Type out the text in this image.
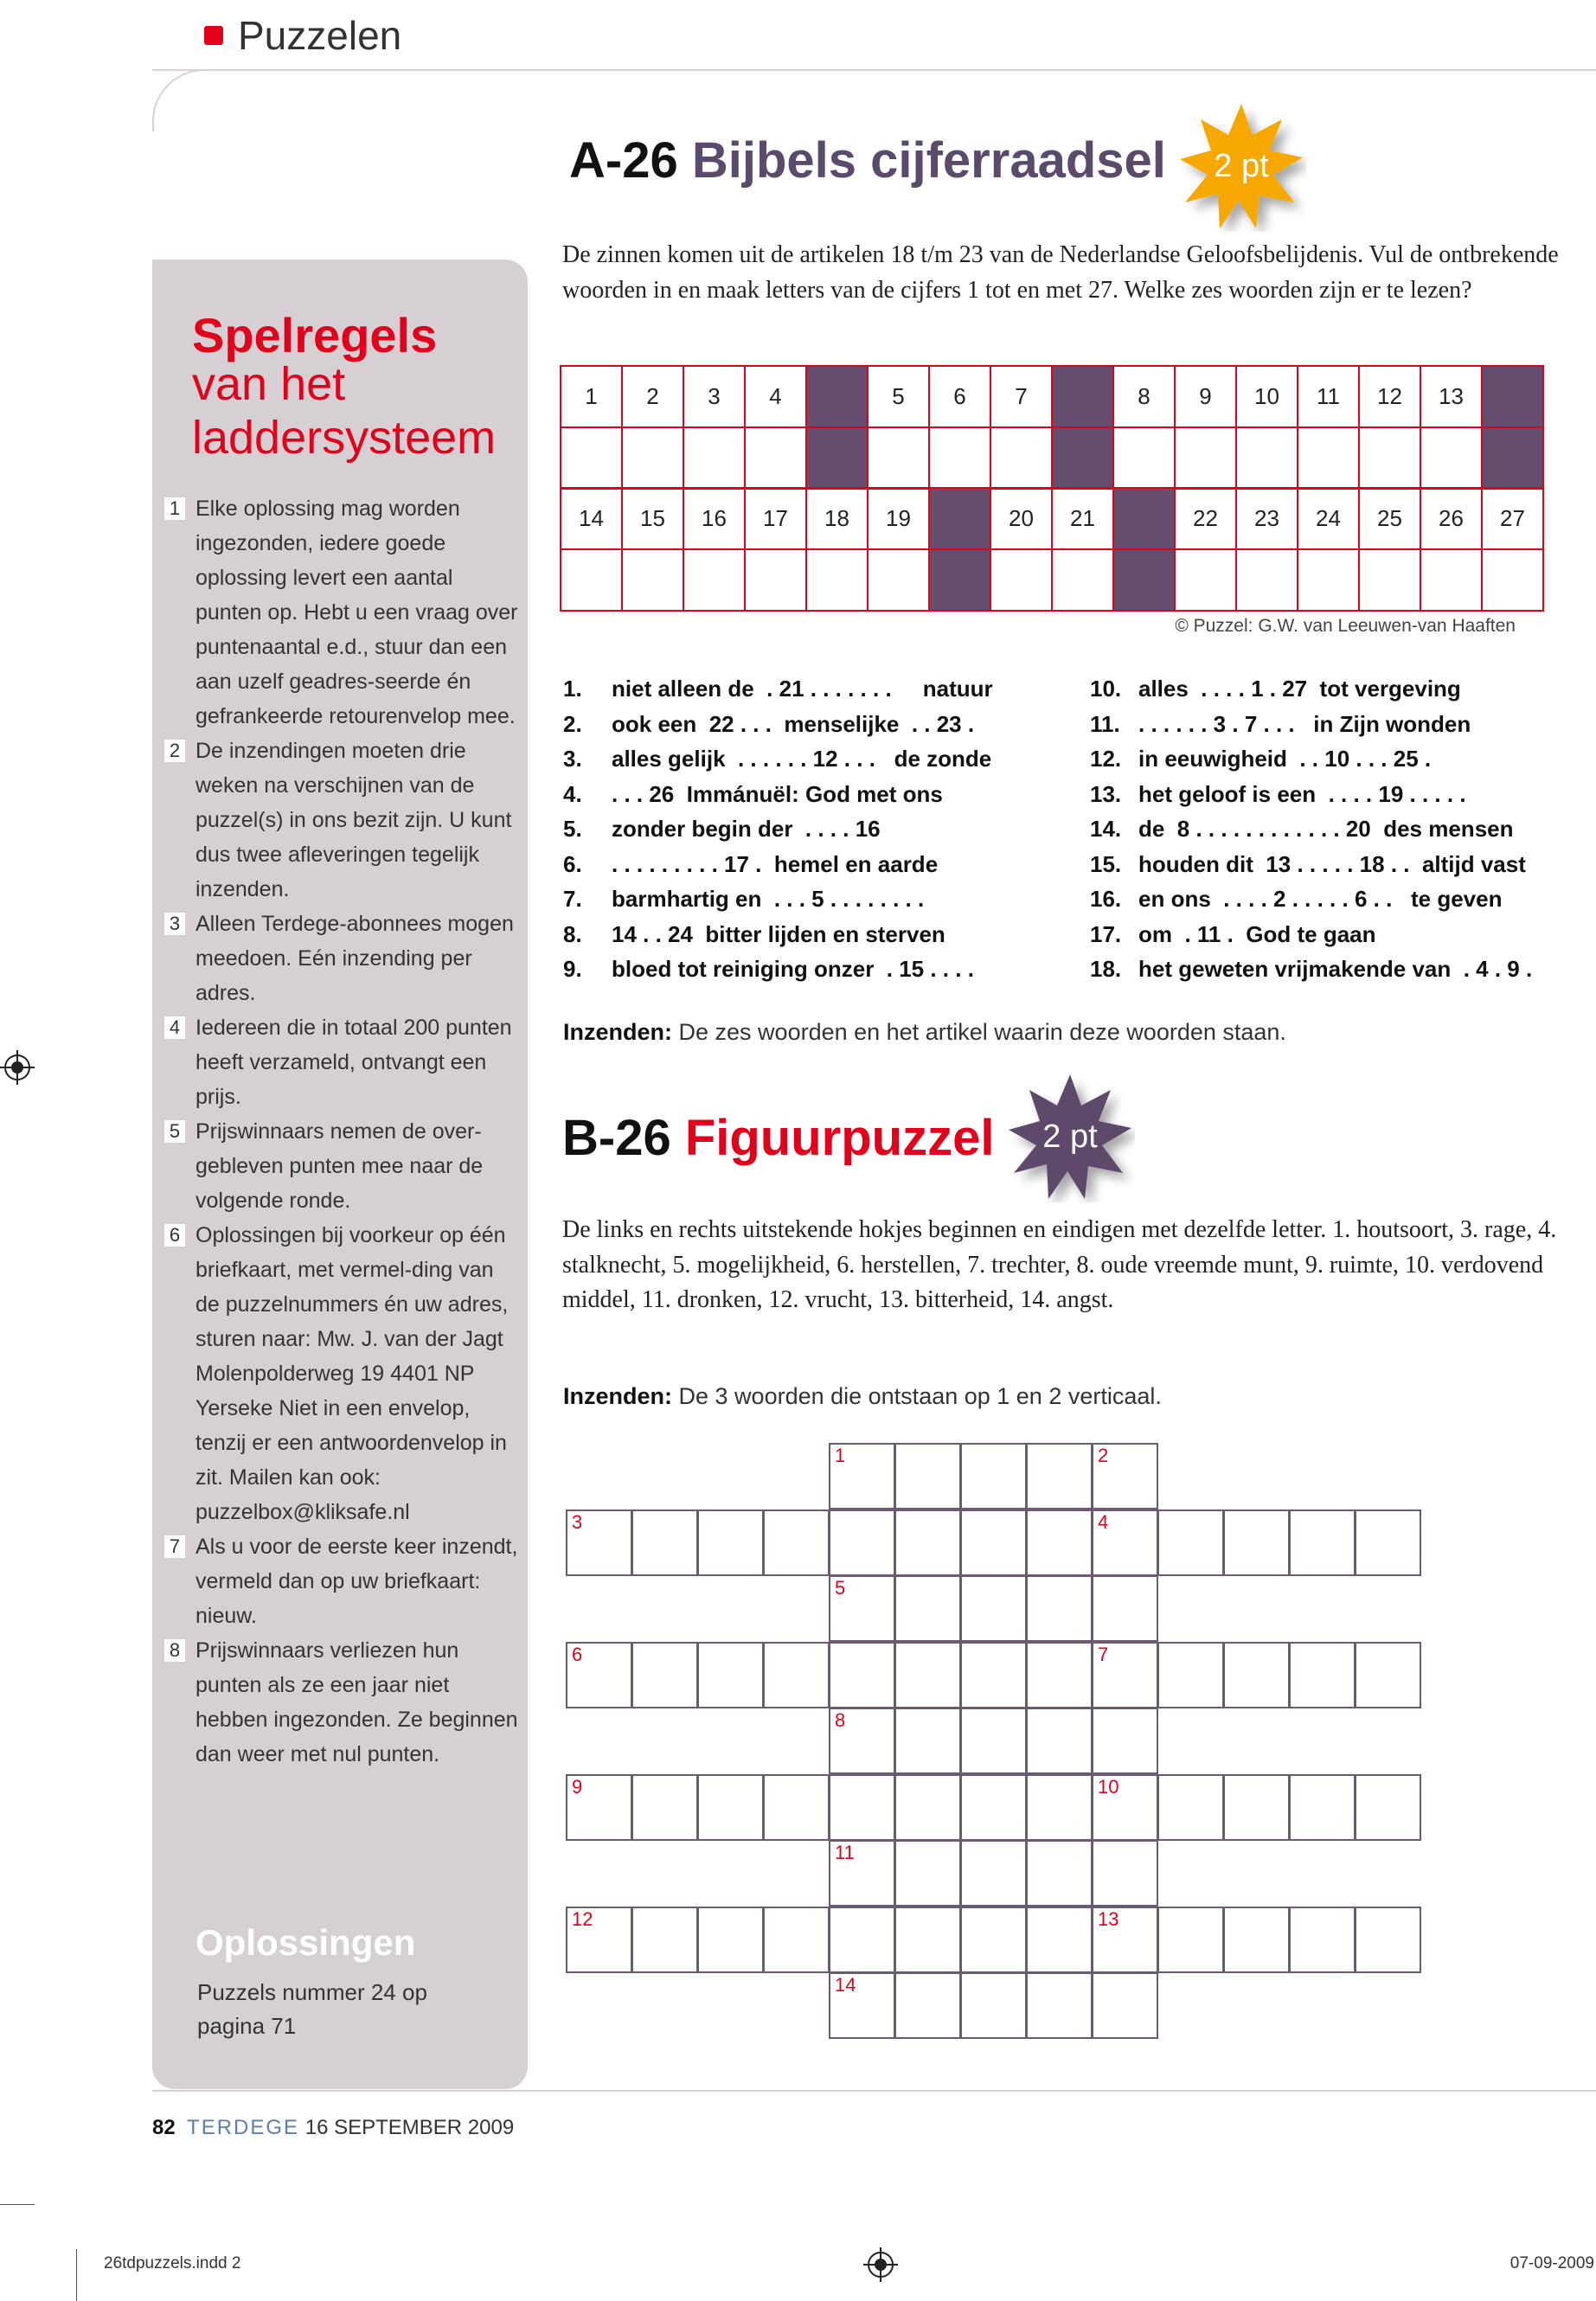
Puzzelen
Spelregels
van het laddersysteem
1 Elke oplossing mag worden ingezonden, iedere goede oplossing levert een aantal punten op. Hebt u een vraag over puntenaantal e.d., stuur dan een aan uzelf geadres-seerde én gefrankeerde retourenvelop mee.
2 De inzendingen moeten drie weken na verschijnen van de puzzel(s) in ons bezit zijn. U kunt dus twee afleveringen tegelijk inzenden.
3 Alleen Terdege-abonnees mogen meedoen. Eén inzending per adres.
4 Iedereen die in totaal 200 punten heeft verzameld, ontvangt een prijs.
5 Prijswinnaars nemen de over-gebleven punten mee naar de volgende ronde.
6 Oplossingen bij voorkeur op één briefkaart, met vermel-ding van de puzzelnummers én uw adres, sturen naar: Mw. J. van der Jagt Molenpolderweg 19 4401 NP Yerseke Niet in een envelop, tenzij er een antwoordenvelop in zit. Mailen kan ook: puzzelbox@kliksafe.nl
7 Als u voor de eerste keer inzendt, vermeld dan op uw briefkaart: nieuw.
8 Prijswinnaars verliezen hun punten als ze een jaar niet hebben ingezonden. Ze beginnen dan weer met nul punten.
Oplossingen
Puzzels nummer 24 op pagina 71
A-26 Bijbels cijferraadsel 2 pt
De zinnen komen uit de artikelen 18 t/m 23 van de Nederlandse Geloofsbelijdenis. Vul de ontbrekende woorden in en maak letters van de cijfers 1 tot en met 27. Welke zes woorden zijn er te lezen?
1	2	3	4		5	6	7		8	9	10	11	12	13	

14	15	16	17	18	19		20	21		22	23	24	25	26	27

© Puzzel: G.W. van Leeuwen-van Haaften
1. niet alleen de  . 21 . . . . . . .     natuur
2. ook een  22 . . .  menselijke  . . 23 .
3. alles gelijk  . . . . . . 12 . . .   de zonde
4. . . . 26  Immánuël: God met ons
5. zonder begin der  . . . . 16
6. . . . . . . . . . 17 .  hemel en aarde
7. barmhartig en  . . . 5 . . . . . . . .
8. 14 . . 24  bitter lijden en sterven
9. bloed tot reiniging onzer  . 15 . . . .
10. alles  . . . . 1 . 27  tot vergeving
11. . . . . . . 3 . 7 . . .   in Zijn wonden
12. in eeuwigheid  . . 10 . . . 25 .
13. het geloof is een  . . . . 19 . . . . .
14. de  8 . . . . . . . . . . . . 20  des mensen
15. houden dit  13 . . . . . 18 . .  altijd vast
16. en ons  . . . . 2 . . . . . 6 . .   te geven
17. om  . 11 .  God te gaan
18. het geweten vrijmakende van  . 4 . 9 .
Inzenden: De zes woorden en het artikel waarin deze woorden staan.
B-26 Figuurpuzzel 2 pt
De links en rechts uitstekende hokjes beginnen en eindigen met dezelfde letter. 1. houtsoort, 3. rage, 4. stalknecht, 5. mogelijkheid, 6. herstellen, 7. trechter, 8. oude vreemde munt, 9. ruimte, 10. verdovend middel, 11. dronken, 12. vrucht, 13. bitterheid, 14. angst.
Inzenden: De 3 woorden die ontstaan op 1 en 2 verticaal.
1	2
3	4
5
6	7
8
9	10
11
12	13
14
82 TERDEGE 16 SEPTEMBER 2009
26tdpuzzels.indd 2	07-09-2009
